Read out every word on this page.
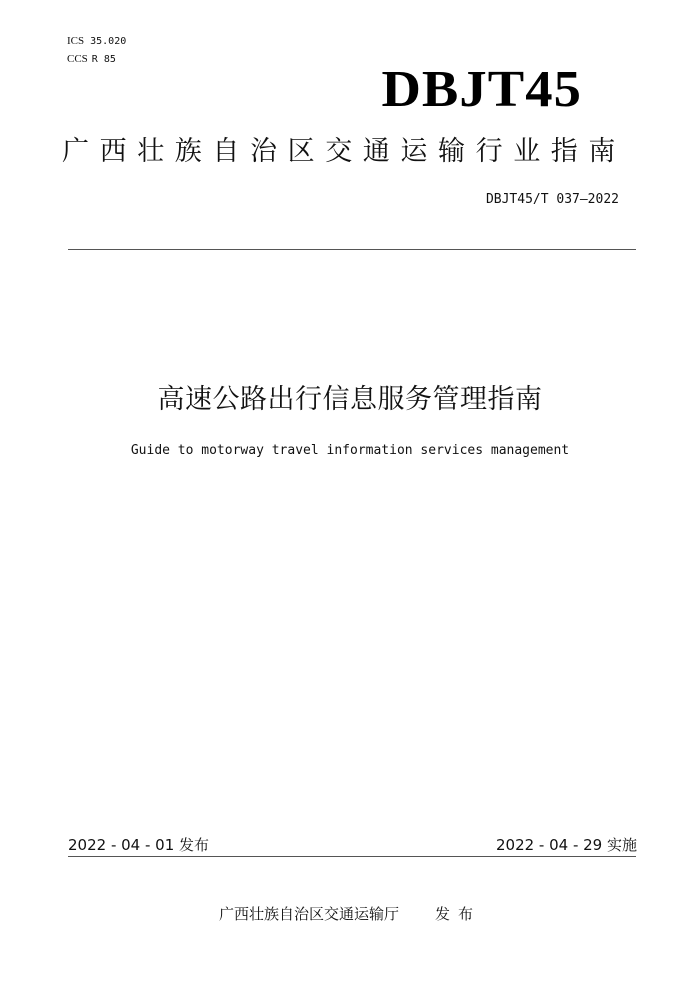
ICS 35.020
CCS R 85
DBJT45
广西壮族自治区交通运输行业指南
DBJT45/T 037—2022
高速公路出行信息服务管理指南
Guide to motorway travel information services management
2022 - 04 - 01 发布	2022 - 04 - 29 实施
广西壮族自治区交通运输厅 发布
